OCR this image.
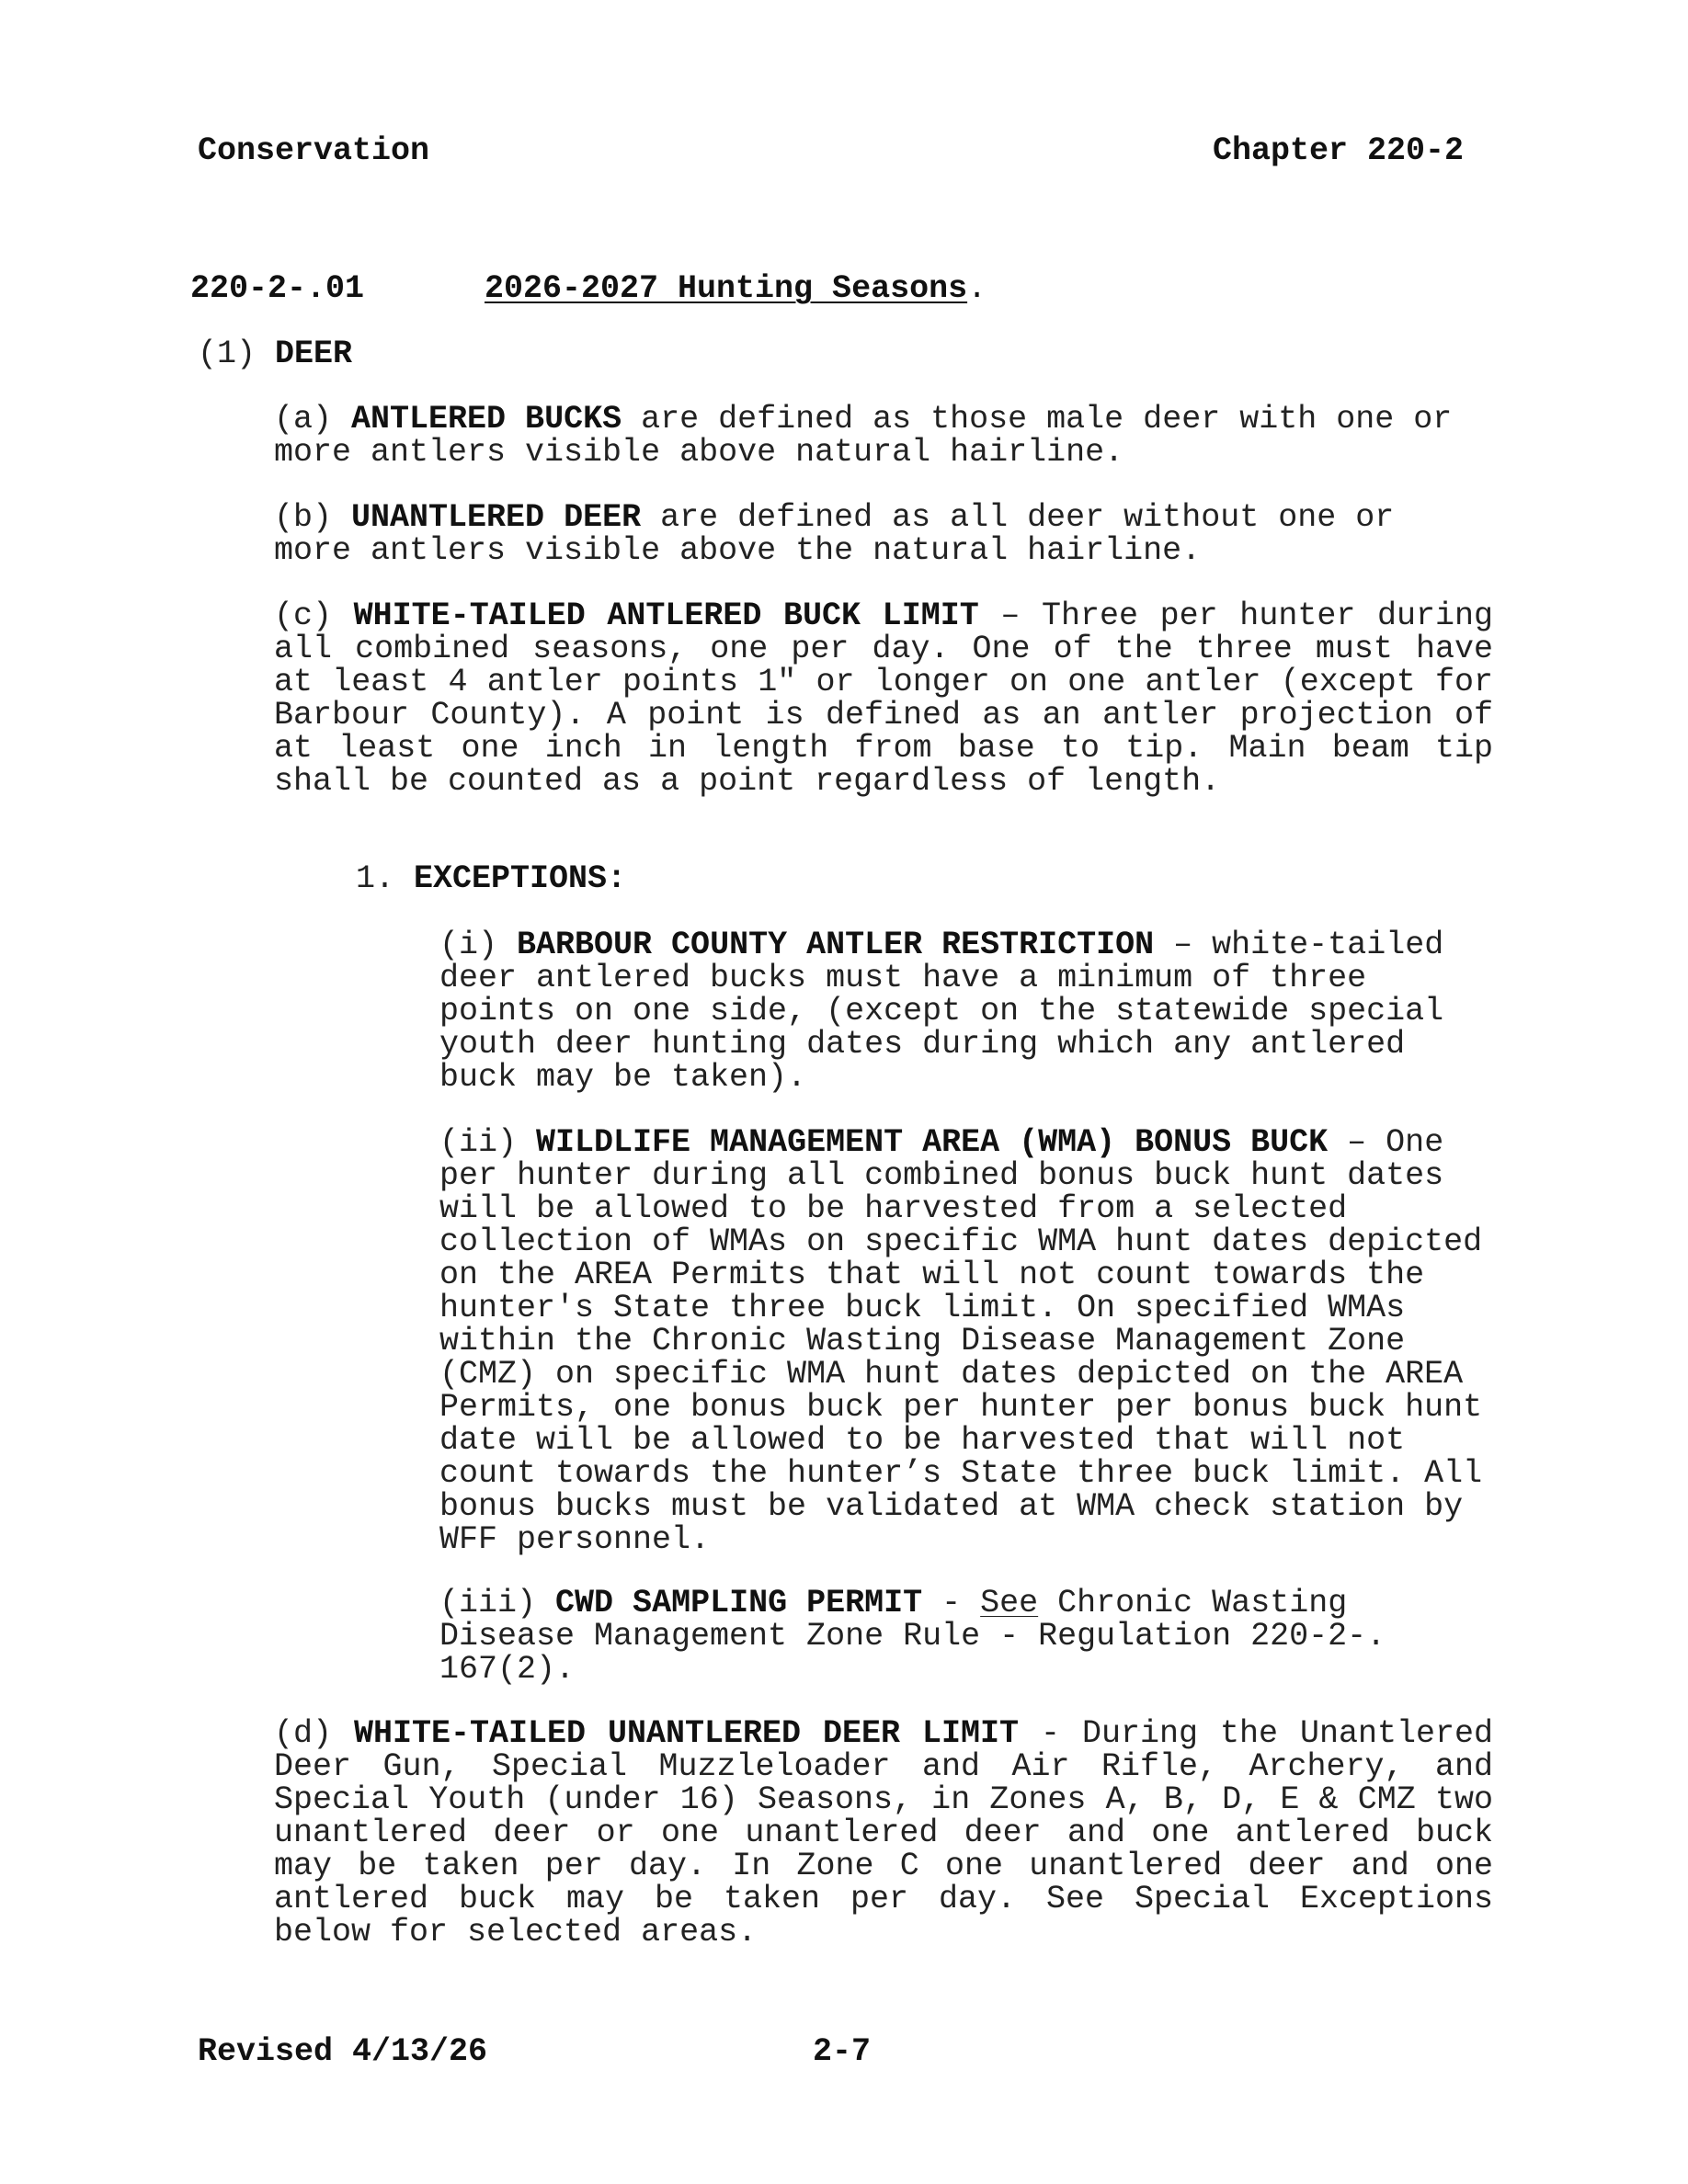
Conservation	Chapter 220-2
220-2-.01	2026-2027 Hunting Seasons.
(1) DEER
(a) ANTLERED BUCKS are defined as those male deer with one or more antlers visible above natural hairline.
(b) UNANTLERED DEER are defined as all deer without one or more antlers visible above the natural hairline.
(c) WHITE-TAILED ANTLERED BUCK LIMIT – Three per hunter during all combined seasons, one per day. One of the three must have at least 4 antler points 1" or longer on one antler (except for Barbour County). A point is defined as an antler projection of at least one inch in length from base to tip. Main beam tip shall be counted as a point regardless of length.
1. EXCEPTIONS:
(i) BARBOUR COUNTY ANTLER RESTRICTION – white-tailed deer antlered bucks must have a minimum of three points on one side, (except on the statewide special youth deer hunting dates during which any antlered buck may be taken).
(ii) WILDLIFE MANAGEMENT AREA (WMA) BONUS BUCK – One per hunter during all combined bonus buck hunt dates will be allowed to be harvested from a selected collection of WMAs on specific WMA hunt dates depicted on the AREA Permits that will not count towards the hunter's State three buck limit. On specified WMAs within the Chronic Wasting Disease Management Zone (CMZ) on specific WMA hunt dates depicted on the AREA Permits, one bonus buck per hunter per bonus buck hunt date will be allowed to be harvested that will not count towards the hunter’s State three buck limit. All bonus bucks must be validated at WMA check station by WFF personnel.
(iii) CWD SAMPLING PERMIT - See Chronic Wasting Disease Management Zone Rule - Regulation 220-2-. 167(2).
(d) WHITE-TAILED UNANTLERED DEER LIMIT - During the Unantlered Deer Gun, Special Muzzleloader and Air Rifle, Archery, and Special Youth (under 16) Seasons, in Zones A, B, D, E & CMZ two unantlered deer or one unantlered deer and one antlered buck may be taken per day. In Zone C one unantlered deer and one antlered buck may be taken per day. See Special Exceptions below for selected areas.
Revised 4/13/26	2-7
